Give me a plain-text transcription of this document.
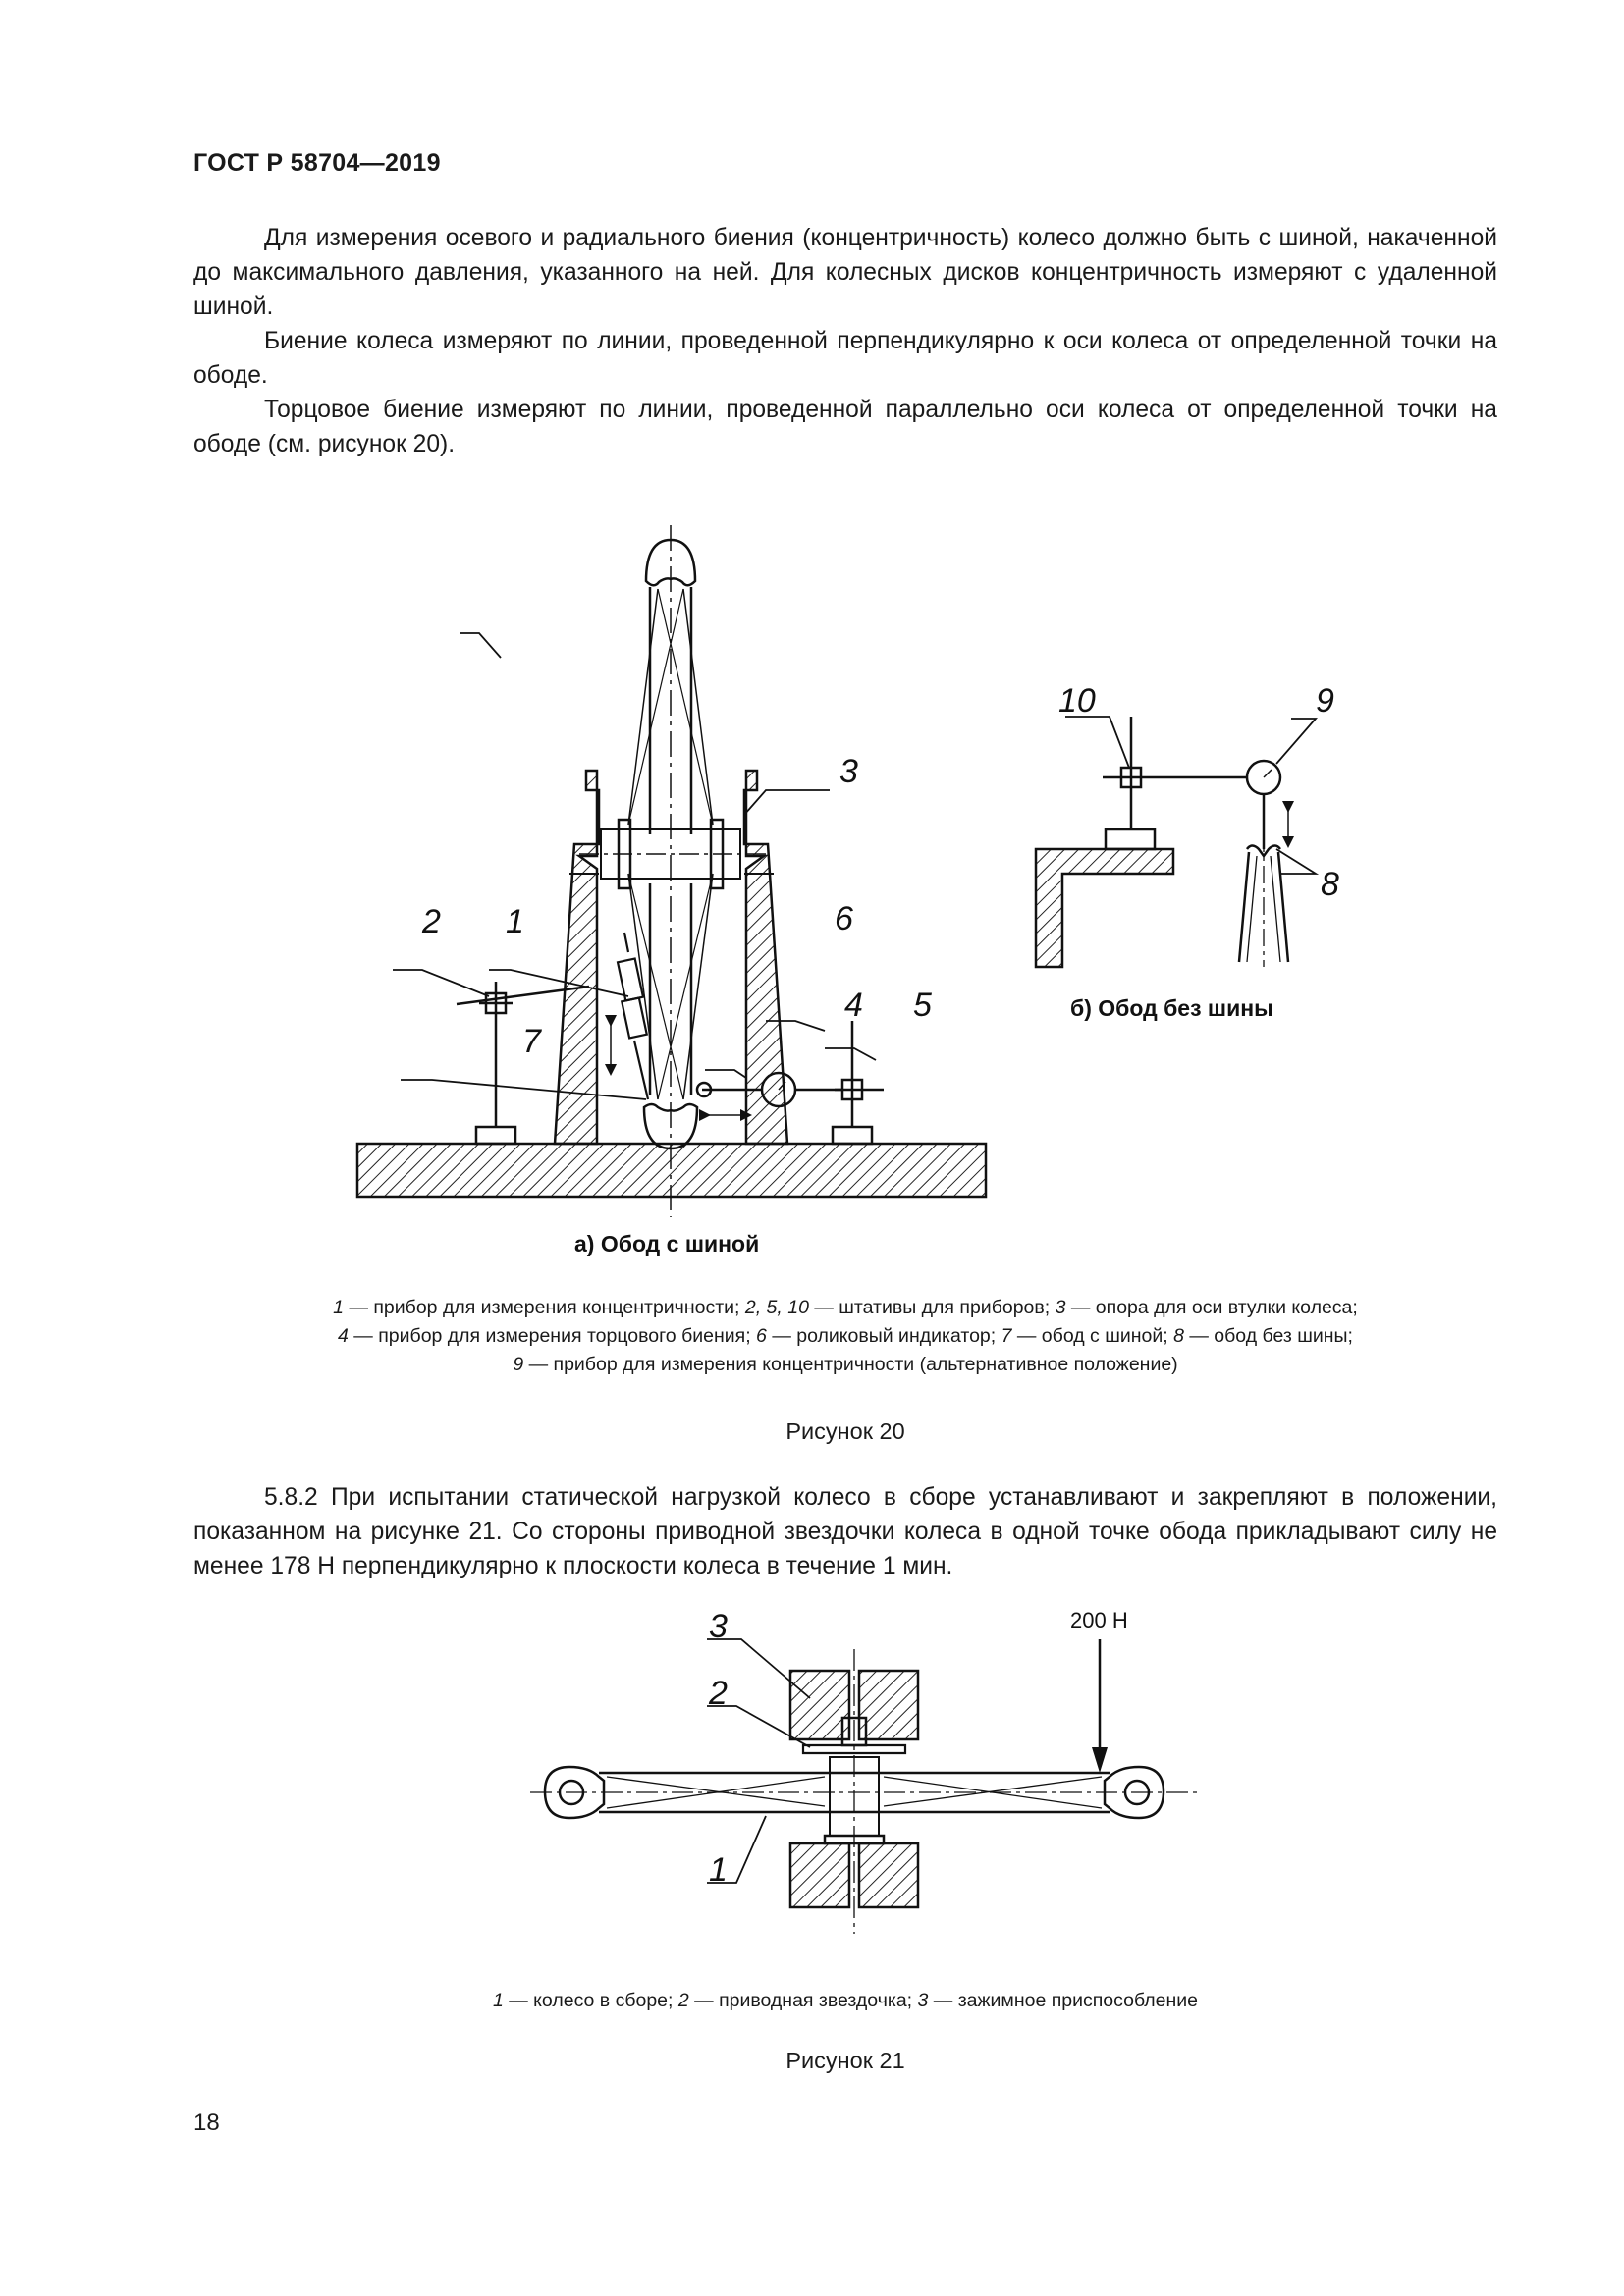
ГОСТ Р 58704—2019

Для измерения осевого и радиального биения (концентричность) колесо должно быть с шиной, накаченной до максимального давления, указанного на ней. Для колесных дисков концентричность измеряют с удаленной шиной.

Биение колеса измеряют по линии, проведенной перпендикулярно к оси колеса от определенной точки на ободе.

Торцовое биение измеряют по линии, проведенной параллельно оси колеса от определенной точки на ободе (см. рисунок 20).

1
2
3
4 5
6
7
8
9
10
а) Обод с шиной
б) Обод без шины
1 — прибор для измерения концентричности; 2, 5, 10 — штативы для приборов; 3 — опора для оси втулки колеса;
4 — прибор для измерения торцового биения; 6 — роликовый индикатор; 7 — обод с шиной; 8 — обод без шины;
9 — прибор для измерения концентричности (альтернативное положение)
Рисунок 20

5.8.2 При испытании статической нагрузкой колесо в сборе устанавливают и закрепляют в положении, показанном на рисунке 21. Со стороны приводной звездочки колеса в одной точке обода прикладывают силу не менее 178 Н перпендикулярно к плоскости колеса в течение 1 мин.

200 Н
3
2
1
1 — колесо в сборе; 2 — приводная звездочка; 3 — зажимное приспособление
Рисунок 21
18
